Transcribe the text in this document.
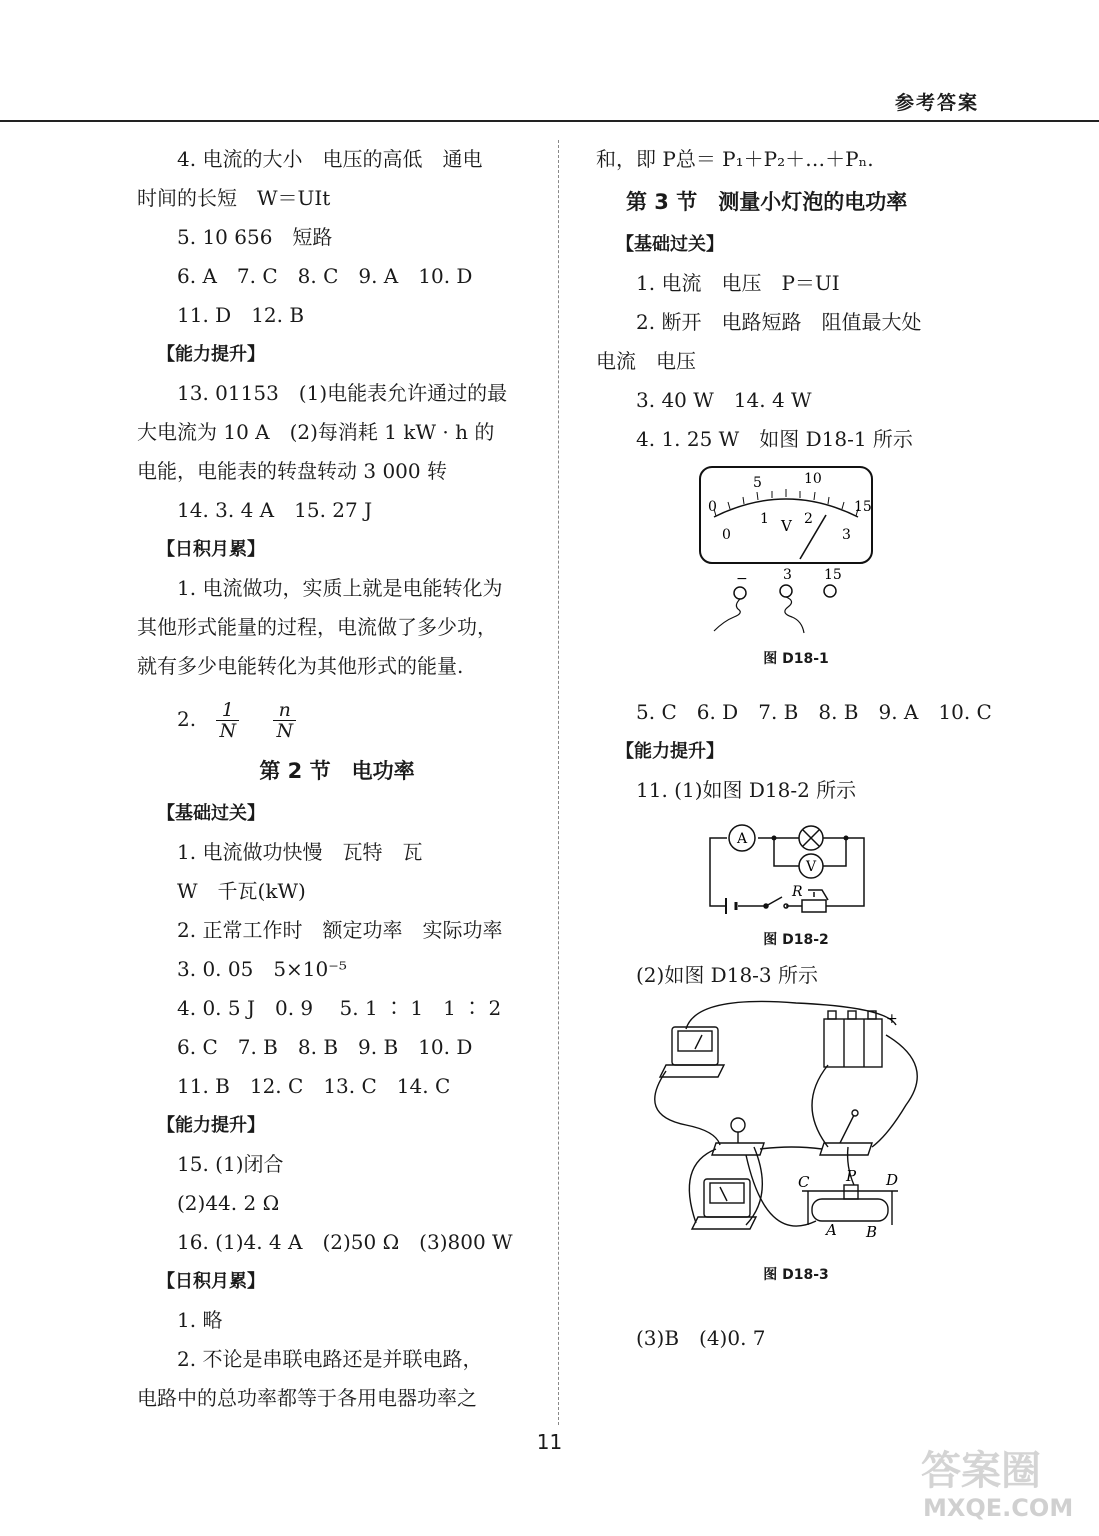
参考答案

4. 电流的大小　电压的高低　通电

时间的长短　W＝UIt

5. 10 656　短路

6. A　7. C　8. C　9. A　10. D

11. D　12. B

【能力提升】

13. 01153　(1)电能表允许通过的最

大电流为 10 A　(2)每消耗 1 kW · h 的

电能，电能表的转盘转动 3 000 转

14. 3. 4 A　15. 27 J

【日积月累】

1. 电流做功，实质上就是电能转化为

其他形式能量的过程，电流做了多少功，

就有多少电能转化为其他形式的能量.

2. $\frac{1}{N}$
$\frac{n}{N}$

第 2 节　电功率

【基础过关】

1. 电流做功快慢　瓦特　瓦

W　千瓦(kW)

2. 正常工作时　额定功率　实际功率

3. 0. 05　5×10⁻⁵

4. 0. 5 J　0. 9　 5. 1 ∶ 1　1 ∶ 2

6. C　7. B　8. B　9. B　10. D

11. B　12. C　13. C　14. C

【能力提升】

15. (1)闭合

(2)44. 2 Ω

16. (1)4. 4 A　(2)50 Ω　(3)800 W

【日积月累】

1. 略

2. 不论是串联电路还是并联电路，

电路中的总功率都等于各用电器功率之

和，即 P总＝ P₁＋P₂＋…＋Pₙ.

第 3 节　测量小灯泡的电功率

【基础过关】

1. 电流　电压　P＝UI

2. 断开　电路短路　阻值最大处

电流　电压

3. 40 W　14. 4 W

4. 1. 25 W　如图 D18-1 所示

0
5	10
15
0
1	2
3
V
−	3 15
图 D18-1

5. C　6. D　7. B　8. B　9. A　10. C

【能力提升】

11. (1)如图 D18-2 所示

A
V
R
图 D18-2

(2)如图 D18-3 所示

+
C P D
A B
图 D18-3

(3)B　(4)0. 7

11
答案圈
MXQE.COM
